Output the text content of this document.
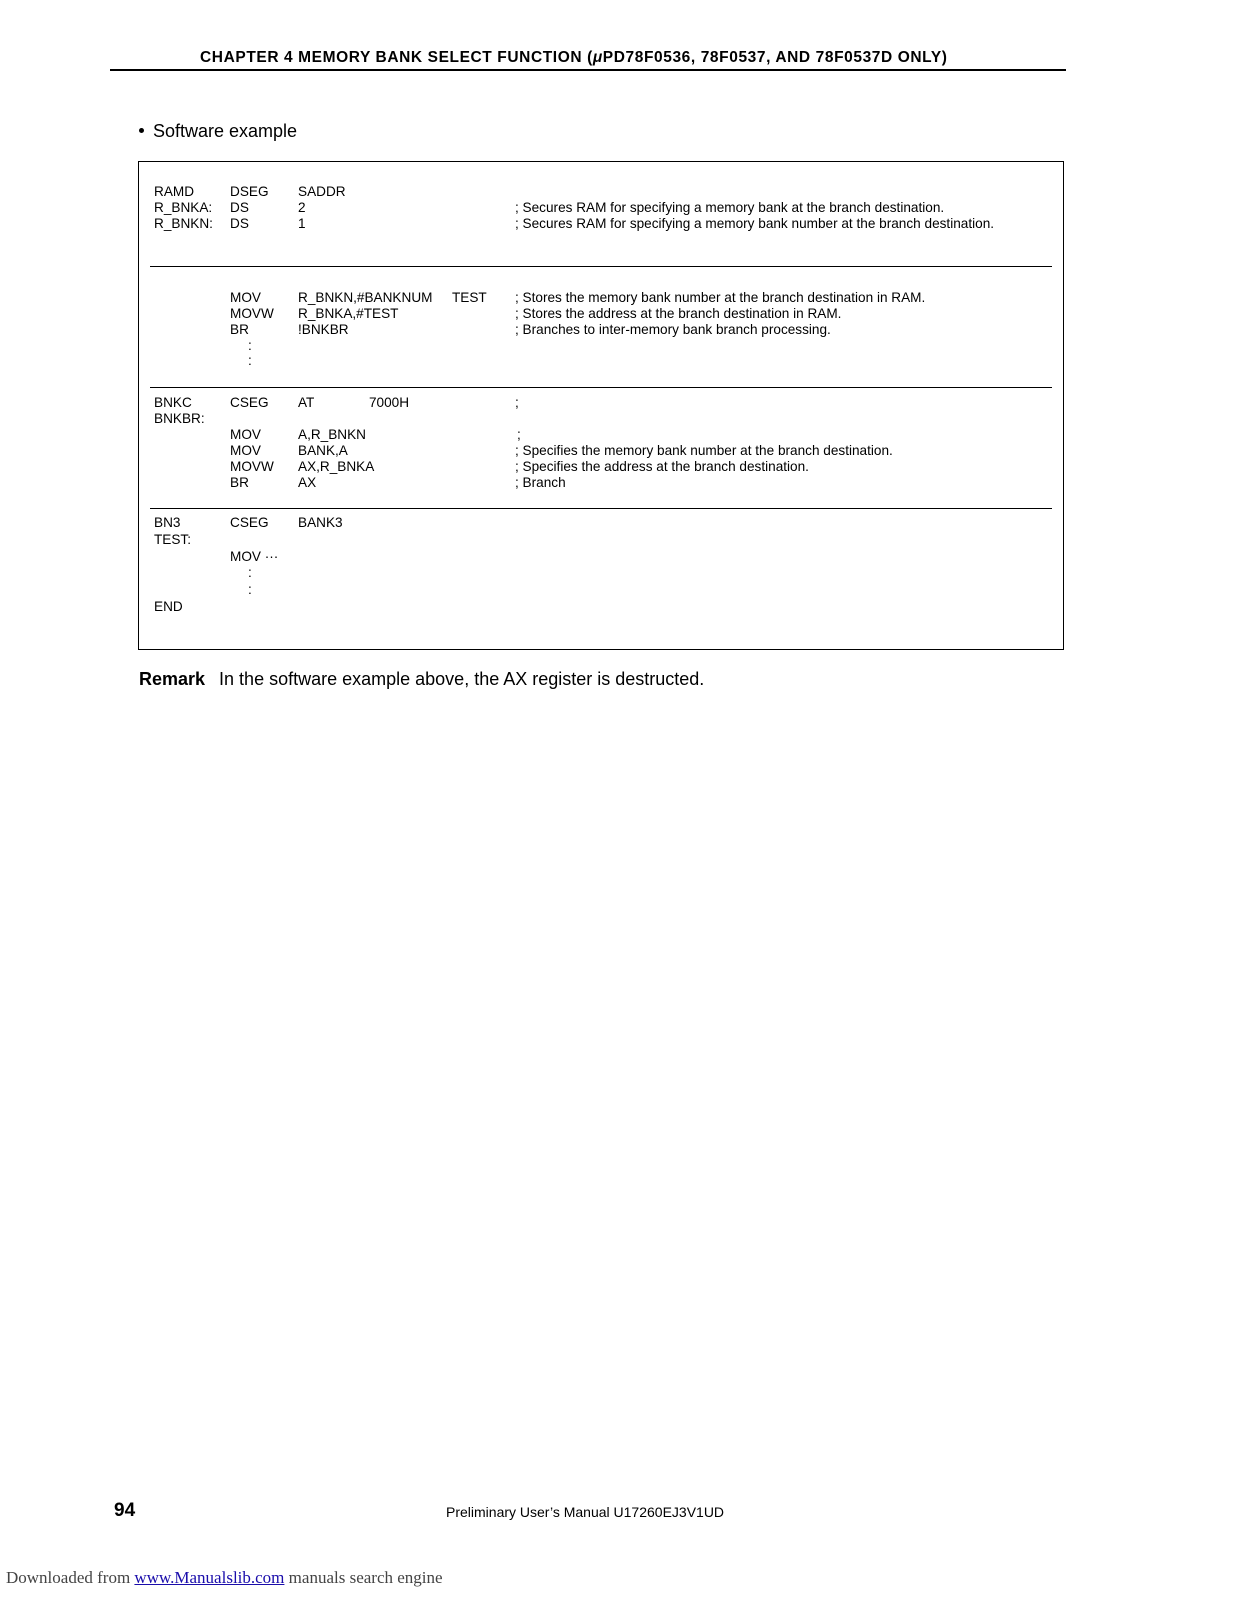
CHAPTER 4 MEMORY BANK SELECT FUNCTION (μPD78F0536, 78F0537, AND 78F0537D ONLY)
Software example
RAMD	DSEG SADDR
R_BNKA: DS	2	; Secures RAM for specifying a memory bank at the branch destination.
R_BNKN: DS	1	; Secures RAM for specifying a memory bank number at the branch destination.
MOV	R_BNKN,#BANKNUM TEST ; Stores the memory bank number at the branch destination in RAM.
MOVW R_BNKA,#TEST	; Stores the address at the branch destination in RAM.
BR	!BNKBR	; Branches to inter-memory bank branch processing.
:
:
BNKC	CSEG AT	7000H	;
BNKBR:
MOV	A,R_BNKN	;
MOV	BANK,A	; Specifies the memory bank number at the branch destination.
MOVW AX,R_BNKA	; Specifies the address at the branch destination.
BR	AX	; Branch
BN3	CSEG BANK3
TEST:
MOV ···
:
:
END
Remark In the software example above, the AX register is destructed.
94	Preliminary User’s Manual U17260EJ3V1UD
Downloaded from www.Manualslib.com manuals search engine
